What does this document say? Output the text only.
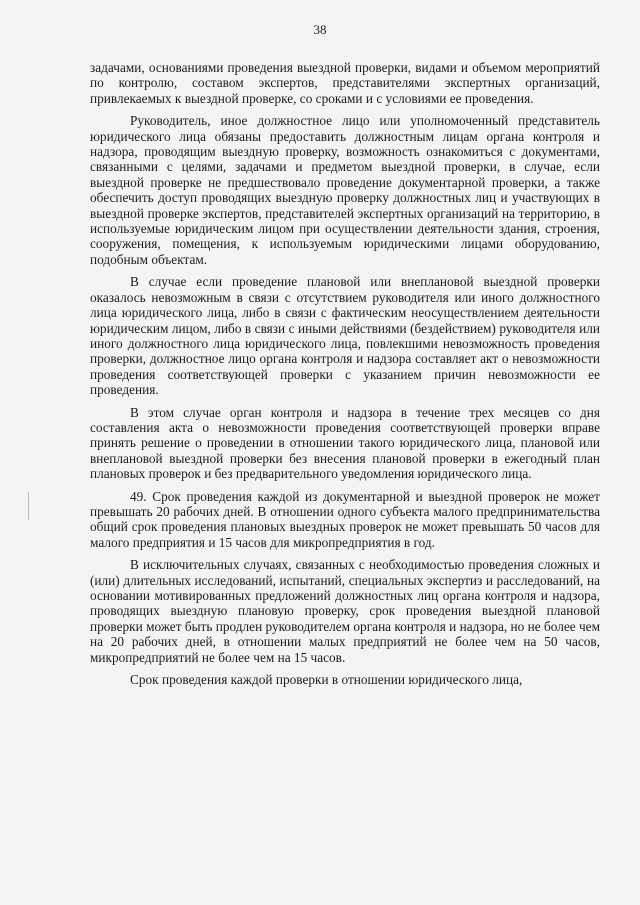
38

задачами, основаниями проведения выездной проверки, видами и объемом мероприятий по контролю, составом экспертов, представителями экспертных организаций, привлекаемых к выездной проверке, со сроками и с условиями ее проведения.

Руководитель, иное должностное лицо или уполномоченный представитель юридического лица обязаны предоставить должностным лицам органа контроля и надзора, проводящим выездную проверку, возможность ознакомиться с документами, связанными с целями, задачами и предметом выездной проверки, в случае, если выездной проверке не предшествовало проведение документарной проверки, а также обеспечить доступ проводящих выездную проверку должностных лиц и участвующих в выездной проверке экспертов, представителей экспертных организаций на территорию, в используемые юридическим лицом при осуществлении деятельности здания, строения, сооружения, помещения, к используемым юридическими лицами оборудованию, подобным объектам.

В случае если проведение плановой или внеплановой выездной проверки оказалось невозможным в связи с отсутствием руководителя или иного должностного лица юридического лица, либо в связи с фактическим неосуществлением деятельности юридическим лицом, либо в связи с иными действиями (бездействием) руководителя или иного должностного лица юридического лица, повлекшими невозможность проведения проверки, должностное лицо органа контроля и надзора составляет акт о невозможности проведения соответствующей проверки с указанием причин невозможности ее проведения.

В этом случае орган контроля и надзора в течение трех месяцев со дня составления акта о невозможности проведения соответствующей проверки вправе принять решение о проведении в отношении такого юридического лица, плановой или внеплановой выездной проверки без внесения плановой проверки в ежегодный план плановых проверок и без предварительного уведомления юридического лица.

49. Срок проведения каждой из документарной и выездной проверок не может превышать 20 рабочих дней. В отношении одного субъекта малого предпринимательства общий срок проведения плановых выездных проверок не может превышать 50 часов для малого предприятия и 15 часов для микропредприятия в год.

В исключительных случаях, связанных с необходимостью проведения сложных и (или) длительных исследований, испытаний, специальных экспертиз и расследований, на основании мотивированных предложений должностных лиц органа контроля и надзора, проводящих выездную плановую проверку, срок проведения выездной плановой проверки может быть продлен руководителем органа контроля и надзора, но не более чем на 20 рабочих дней, в отношении малых предприятий не более чем на 50 часов, микропредприятий не более чем на 15 часов.

Срок проведения каждой проверки в отношении юридического лица,
